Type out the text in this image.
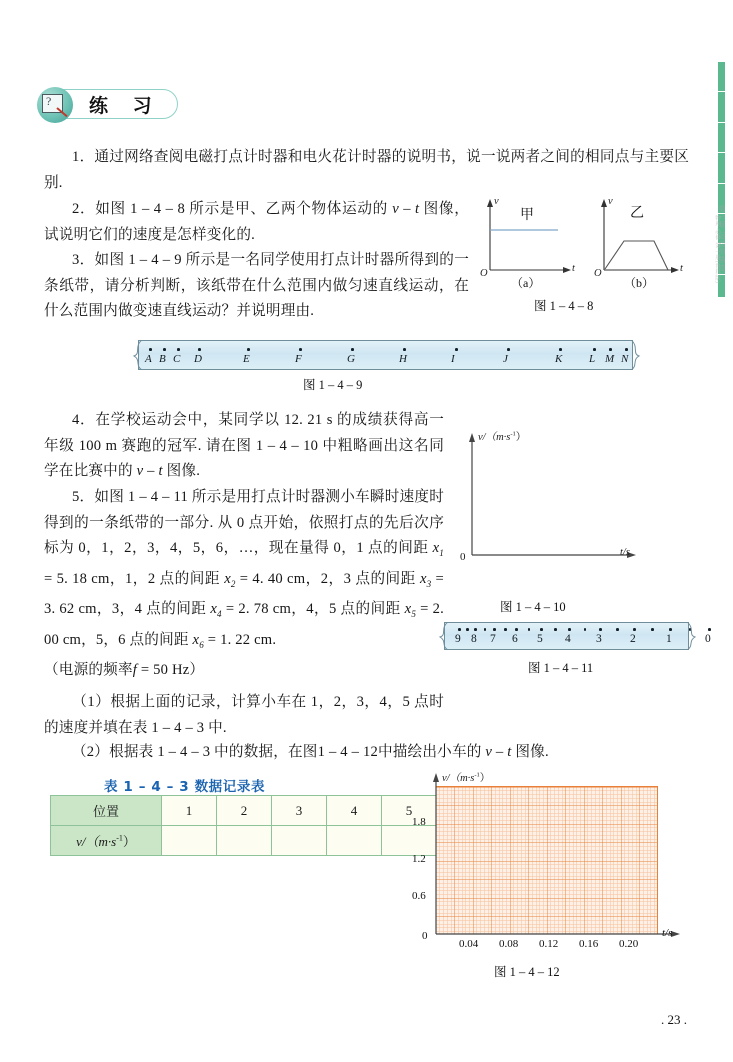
第一章 运动的描述
物理 必修 第一册(鲁科版)
? 练 习
1．通过网络查阅电磁打点计时器和电火花计时器的说明书，说一说两者之间的相同点与主要区别.
2．如图 1 – 4 – 8 所示是甲、乙两个物体运动的 v – t 图像，试说明它们的速度是怎样变化的.
3．如图 1 – 4 – 9 所示是一名同学使用打点计时器所得到的一条纸带，请分析判断，该纸带在什么范围内做匀速直线运动，在什么范围内做变速直线运动？并说明理由.
v
t
O
甲
（a）
v
t
O
乙
（b）
图 1 – 4 – 8
A B C D	E	F	G	H	I	J	K L M N
图 1 – 4 – 9
4．在学校运动会中，某同学以 12. 21 s 的成绩获得高一年级 100 m 赛跑的冠军. 请在图 1 – 4 – 10 中粗略画出这名同学在比赛中的 v – t 图像.
$v/(m\cdot s^{-1})$
t/s
0
图 1 – 4 – 10
5．如图 1 – 4 – 11 所示是用打点计时器测小车瞬时速度时得到的一条纸带的一部分. 从 0 点开始，依照打点的先后次序标为 0，1，2，3，4，5，6，…，现在量得 0，1 点的间距 $x_1 = 5$. 18 cm，1，2 点的间距 $x_2 = 4$. 40 cm，2，3 点的间距 $x_3 = 3$. 62 cm，3，4 点的间距 $x_4 = 2$. 78 cm，4，5 点的间距 $x_5 = 2$. 00 cm，5，6 点的间距 $x_6 = 1$. 22 cm.
（电源的频率f = 50 Hz）
9 8 7 6 5 4 3 2	1	0
图 1 – 4 – 11
（1）根据上面的记录，计算小车在 1，2，3，4，5 点时的速度并填在表 1 – 4 – 3 中.
（2）根据表 1 – 4 – 3 中的数据，在图1 – 4 – 12中描绘出小车的 v – t 图像.
表 1 – 4 – 3 数据记录表
位置	1	2	3	4	5
$v/(m\cdot s^{-1})$					
$v/(m\cdot s^{-1})$
t/s
0
0.6
1.2
1.8
0.04 0.08 0.12 0.16 0.20
图 1 – 4 – 12
. 23 .
